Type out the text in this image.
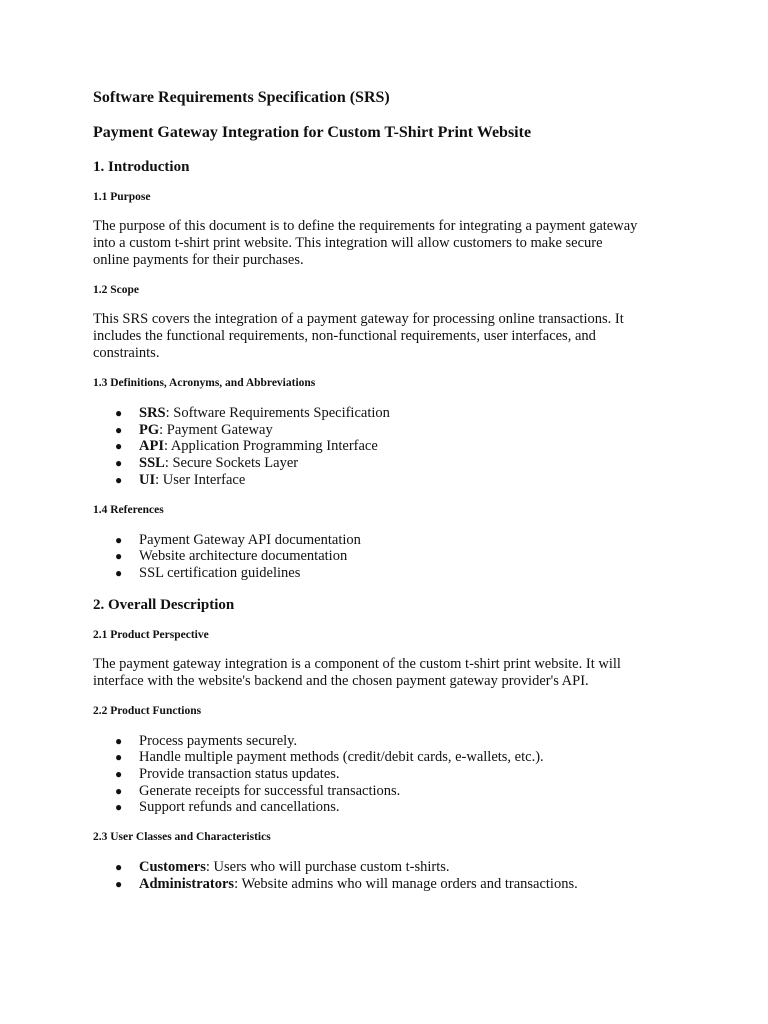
Software Requirements Specification (SRS)
Payment Gateway Integration for Custom T-Shirt Print Website
1. Introduction
1.1 Purpose

The purpose of this document is to define the requirements for integrating a payment gateway
into a custom t-shirt print website. This integration will allow customers to make secure
online payments for their purchases.

1.2 Scope

This SRS covers the integration of a payment gateway for processing online transactions. It
includes the functional requirements, non-functional requirements, user interfaces, and
constraints.

1.3 Definitions, Acronyms, and Abbreviations
● SRS: Software Requirements Specification
● PG: Payment Gateway
● API: Application Programming Interface
● SSL: Secure Sockets Layer
● UI: User Interface
1.4 References
● Payment Gateway API documentation
● Website architecture documentation
● SSL certification guidelines
2. Overall Description
2.1 Product Perspective

The payment gateway integration is a component of the custom t-shirt print website. It will
interface with the website's backend and the chosen payment gateway provider's API.

2.2 Product Functions
● Process payments securely.
● Handle multiple payment methods (credit/debit cards, e-wallets, etc.).
● Provide transaction status updates.
● Generate receipts for successful transactions.
● Support refunds and cancellations.
2.3 User Classes and Characteristics
● Customers: Users who will purchase custom t-shirts.
● Administrators: Website admins who will manage orders and transactions.
